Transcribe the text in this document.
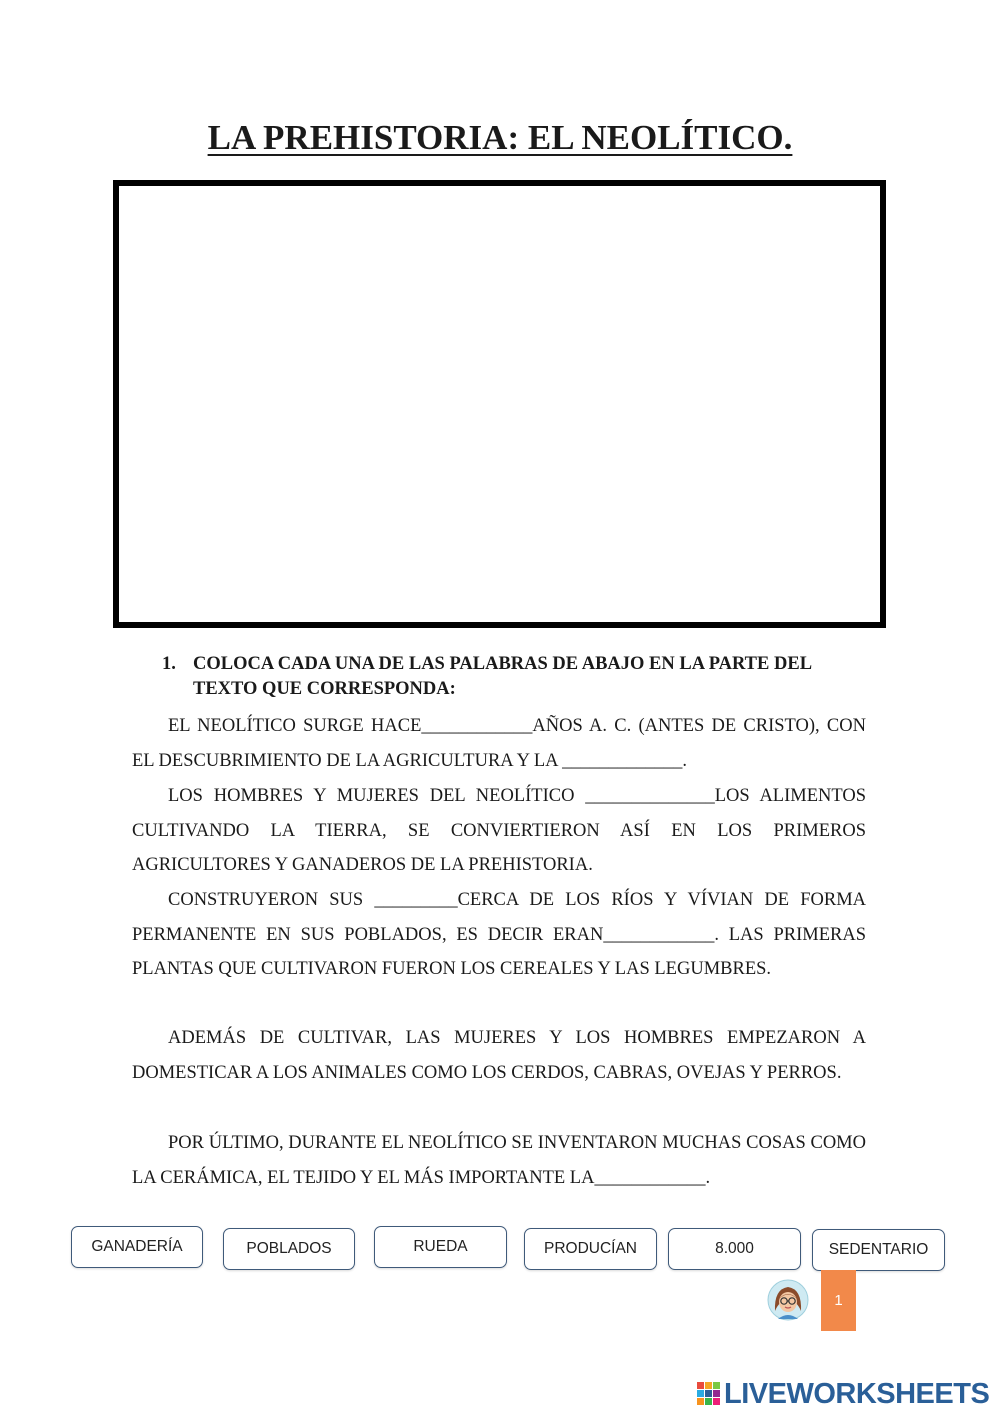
LA PREHISTORIA: EL NEOLÍTICO.
1. COLOCA CADA UNA DE LAS PALABRAS DE ABAJO EN LA PARTE DEL TEXTO QUE CORRESPONDA:

EL NEOLÍTICO SURGE HACE____________AÑOS A. C. (ANTES DE CRISTO), CON EL DESCUBRIMIENTO DE LA AGRICULTURA Y LA _____________.

LOS HOMBRES Y MUJERES DEL NEOLÍTICO ______________LOS ALIMENTOS CULTIVANDO LA TIERRA, SE CONVIERTIERON ASÍ EN LOS PRIMEROS AGRICULTORES Y GANADEROS DE LA PREHISTORIA.

CONSTRUYERON SUS _________CERCA DE LOS RÍOS Y VÍVIAN DE FORMA PERMANENTE EN SUS POBLADOS, ES DECIR ERAN____________. LAS PRIMERAS PLANTAS QUE CULTIVARON FUERON LOS CEREALES Y LAS LEGUMBRES.

ADEMÁS DE CULTIVAR, LAS MUJERES Y LOS HOMBRES EMPEZARON A DOMESTICAR A LOS ANIMALES COMO LOS CERDOS, CABRAS, OVEJAS Y PERROS.

POR ÚLTIMO, DURANTE EL NEOLÍTICO SE INVENTARON MUCHAS COSAS COMO LA CERÁMICA, EL TEJIDO Y EL MÁS IMPORTANTE LA____________.

GANADERÍA	POBLADOS	RUEDA	PRODUCÍAN	8.000	SEDENTARIO
1
LIVEWORKSHEETS
